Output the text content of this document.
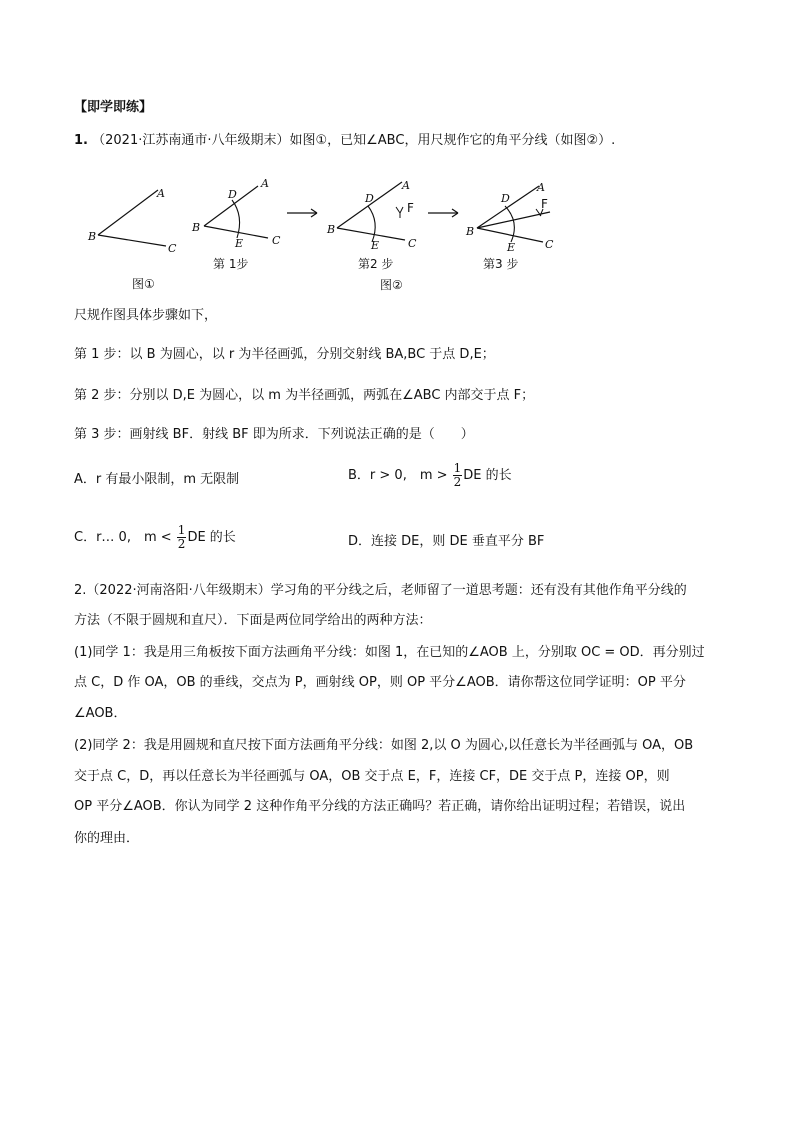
【即学即练】
1. （2021·江苏南通市·八年级期末）如图①，已知∠ABC，用尺规作它的角平分线（如图②）.
B
A
C
B
A
D
E	C
F
B
A
D
E	C
F
B
A
D
E	C
图①
第 1步	第2 步	第3 步
图②
尺规作图具体步骤如下，
第 1 步：以 B 为圆心，以 r 为半径画弧，分别交射线 BA,BC 于点 D,E；
第 2 步：分别以 D,E 为圆心，以 m 为半径画弧，两弧在∠ABC 内部交于点 F；
第 3 步：画射线 BF．射线 BF 即为所求．下列说法正确的是（　　）
A．r 有最小限制，m 无限制	B．r > 0,　$m > \frac{1}{2}$ DE 的长
C．r… 0,　$m < \frac{1}{2}$ DE 的长	D．连接 DE，则 DE 垂直平分 BF
2.（2022·河南洛阳·八年级期末）学习角的平分线之后，老师留了一道思考题：还有没有其他作角平分线的
方法（不限于圆规和直尺）．下面是两位同学给出的两种方法：
(1)同学 1：我是用三角板按下面方法画角平分线：如图 1，在已知的∠AOB 上，分别取 OC = OD．再分别过
点 C，D 作 OA，OB 的垂线，交点为 P，画射线 OP，则 OP 平分∠AOB．请你帮这位同学证明：OP 平分
∠AOB．
(2)同学 2：我是用圆规和直尺按下面方法画角平分线：如图 2,以 O 为圆心,以任意长为半径画弧与 OA，OB
交于点 C，D，再以任意长为半径画弧与 OA，OB 交于点 E，F，连接 CF，DE 交于点 P，连接 OP，则
OP 平分∠AOB．你认为同学 2 这种作角平分线的方法正确吗？若正确，请你给出证明过程；若错误，说出
你的理由．
